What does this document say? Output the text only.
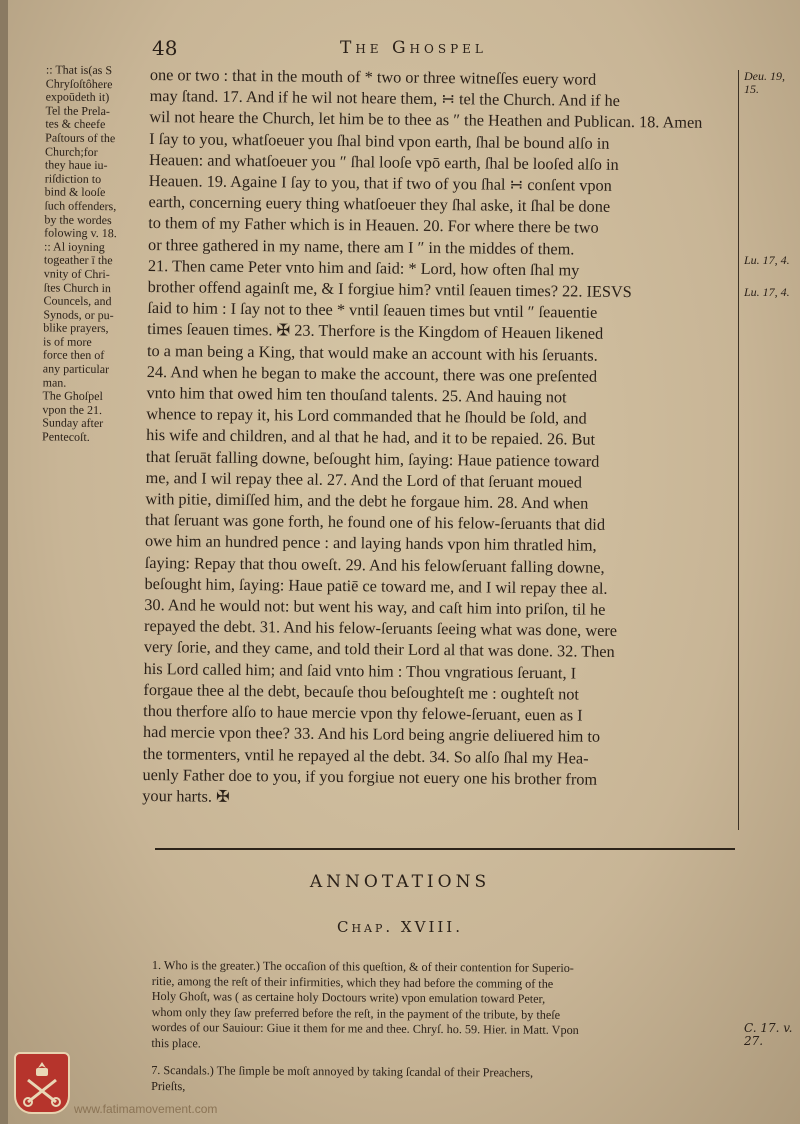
48	The Ghospel
:: That is(as S
Chryſoſtôhere
expoūdeth it)
Tel the Prela-
tes & cheefe
Paſtours of the
Church;for
they haue iu-
riſdiction to
bind & looſe
ſuch offenders,
by the wordes
folowing v. 18.
:: Al ioyning
togeather ī the
vnity of Chri-
ſtes Church in
Councels, and
Synods, or pu-
blike prayers,
is of more
force then of
any particular
man.
The Ghoſpel
vpon the 21.
Sunday after
Pentecoſt.
one or two : that in the mouth of * two or three witneſſes euery word
may ſtand. 17. And if he wil not heare them, ∺ tel the Church. And if he
wil not heare the Church, let him be to thee as ″ the Heathen and Publican. 18. Amen
I ſay to you, whatſoeuer you ſhal bind vpon earth, ſhal be bound alſo in
Heauen: and whatſoeuer you ″ ſhal looſe vpō earth, ſhal be looſed alſo in
Heauen. 19. Againe I ſay to you, that if two of you ſhal ∺ conſent vpon
earth, concerning euery thing whatſoeuer they ſhal aske, it ſhal be done
to them of my Father which is in Heauen. 20. For where there be two
or three gathered in my name, there am I ″ in the middes of them.
21. Then came Peter vnto him and ſaid: * Lord, how often ſhal my
brother offend againſt me, & I forgiue him? vntil ſeauen times? 22. IESVS
ſaid to him : I ſay not to thee * vntil ſeauen times but vntil ″ ſeauentie
times ſeauen times. ✠ 23. Therfore is the Kingdom of Heauen likened
to a man being a King, that would make an account with his ſeruants.
24. And when he began to make the account, there was one preſented
vnto him that owed him ten thouſand talents. 25. And hauing not
whence to repay it, his Lord commanded that he ſhould be ſold, and
his wife and children, and al that he had, and it to be repaied. 26. But
that ſeruāt falling downe, beſought him, ſaying: Haue patience toward
me, and I wil repay thee al. 27. And the Lord of that ſeruant moued
with pitie, dimiſſed him, and the debt he forgaue him. 28. And when
that ſeruant was gone forth, he found one of his felow-ſeruants that did
owe him an hundred pence : and laying hands vpon him thratled him,
ſaying: Repay that thou oweſt. 29. And his felowſeruant falling downe,
beſought him, ſaying: Haue patiē ce toward me, and I wil repay thee al.
30. And he would not: but went his way, and caſt him into priſon, til he
repayed the debt. 31. And his felow-ſeruants ſeeing what was done, were
very ſorie, and they came, and told their Lord al that was done. 32. Then
his Lord called him; and ſaid vnto him : Thou vngratious ſeruant, I
forgaue thee al the debt, becauſe thou beſoughteſt me : oughteſt not
thou therfore alſo to haue mercie vpon thy felowe-ſeruant, euen as I
had mercie vpon thee? 33. And his Lord being angrie deliuered him to
the tormenters, vntil he repayed al the debt. 34. So alſo ſhal my Hea-
uenly Father doe to you, if you forgiue not euery one his brother from
your harts. ✠
Deu. 19,
15.
Lu. 17, 4.
Lu. 17, 4.
ANNOTATIONS
Chap. XVIII.
1. Who is the greater.) The occaſion of this queſtion, & of their contention for Superio-
ritie, among the reſt of their infirmities, which they had before the comming of the
Holy Ghoſt, was ( as certaine holy Doctours write) vpon emulation toward Peter,
whom only they ſaw preferred before the reſt, in the payment of the tribute, by theſe
wordes of our Sauiour: Giue it them for me and thee. Chryſ. ho. 59. Hier. in Matt. Vpon
this place.
7. Scandals.) The ſimple be moſt annoyed by taking ſcandal of their Preachers,
Prieſts,
C. 17. v.
27.
www.fatimamovement.com
